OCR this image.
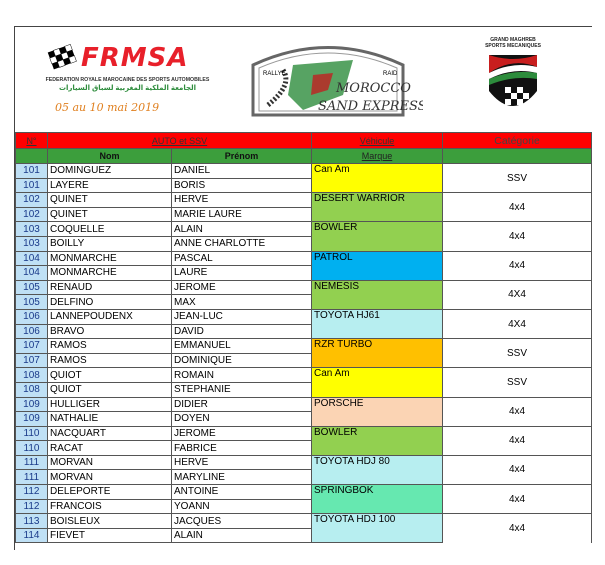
FRMSA
FEDERATION ROYALE MAROCAINE DES SPORTS AUTOMOBILES
الجامعة الملكية المغربية لسباق السيارات
05 au 10 mai 2019
RALLYE	RAID
MOROCCO
SAND EXPRESS
GRAND MAGHREB
SPORTS MECANIQUES
N°	AUTO et SSV		Véhicule	Catégorie
	Nom	Prénom	Marque	
101	DOMINGUEZ	DANIEL	Can Am	SSV
101	LAYERE	BORIS		
102	QUINET	HERVE	DESERT WARRIOR	4x4
102	QUINET	MARIE LAURE		
103	COQUELLE	ALAIN	BOWLER	4x4
103	BOILLY	ANNE CHARLOTTE		
104	MONMARCHE	PASCAL	PATROL	4x4
104	MONMARCHE	LAURE		
105	RENAUD	JEROME	NEMESIS	4X4
105	DELFINO	MAX		
106	LANNEPOUDENX	JEAN-LUC	TOYOTA HJ61	4X4
106	BRAVO	DAVID		
107	RAMOS	EMMANUEL	RZR TURBO	SSV
107	RAMOS	DOMINIQUE		
108	QUIOT	ROMAIN	Can Am	SSV
108	QUIOT	STEPHANIE		
109	HULLIGER	DIDIER	PORSCHE	4x4
109	NATHALIE	DOYEN		
110	NACQUART	JEROME	BOWLER	4x4
110	RACAT	FABRICE		
111	MORVAN	HERVE	TOYOTA HDJ 80	4x4
111	MORVAN	MARYLINE		
112	DELEPORTE	ANTOINE	SPRINGBOK	4x4
112	FRANCOIS	YOANN		
113	BOISLEUX	JACQUES	TOYOTA HDJ 100	4x4
114	FIEVET	ALAIN		
